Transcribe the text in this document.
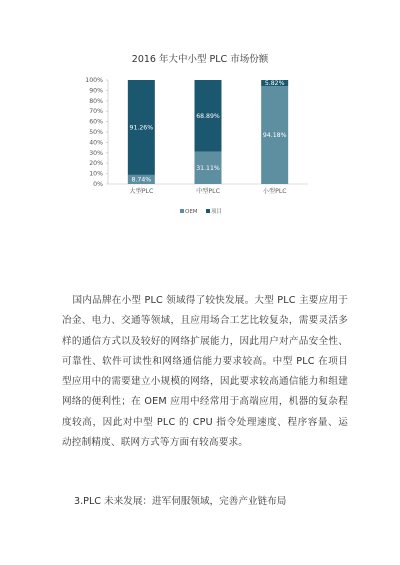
2016 年大中小型 PLC 市场份额
0%
10%
20%
30%
40%
50%
60%
70%
80%
90%
100%
8.74%
91.26%
31.11%
68.89%
94.18%
5.82%
大型PLC	中型PLC	小型PLC
OEM 项目

国内品牌在小型 PLC 领域得了较快发展。大型 PLC 主要应用于冶金、电力、交通等领域，且应用场合工艺比较复杂，需要灵活多样的通信方式以及较好的网络扩展能力，因此用户对产品安全性、可靠性、软件可读性和网络通信能力要求较高。中型 PLC 在项目型应用中的需要建立小规模的网络，因此要求较高通信能力和组建网络的便利性；在 OEM 应用中经常用于高端应用，机器的复杂程度较高，因此对中型 PLC 的 CPU 指令处理速度、程序容量、运动控制精度、联网方式等方面有较高要求。

3.PLC 未来发展：进军伺服领域，完善产业链布局
